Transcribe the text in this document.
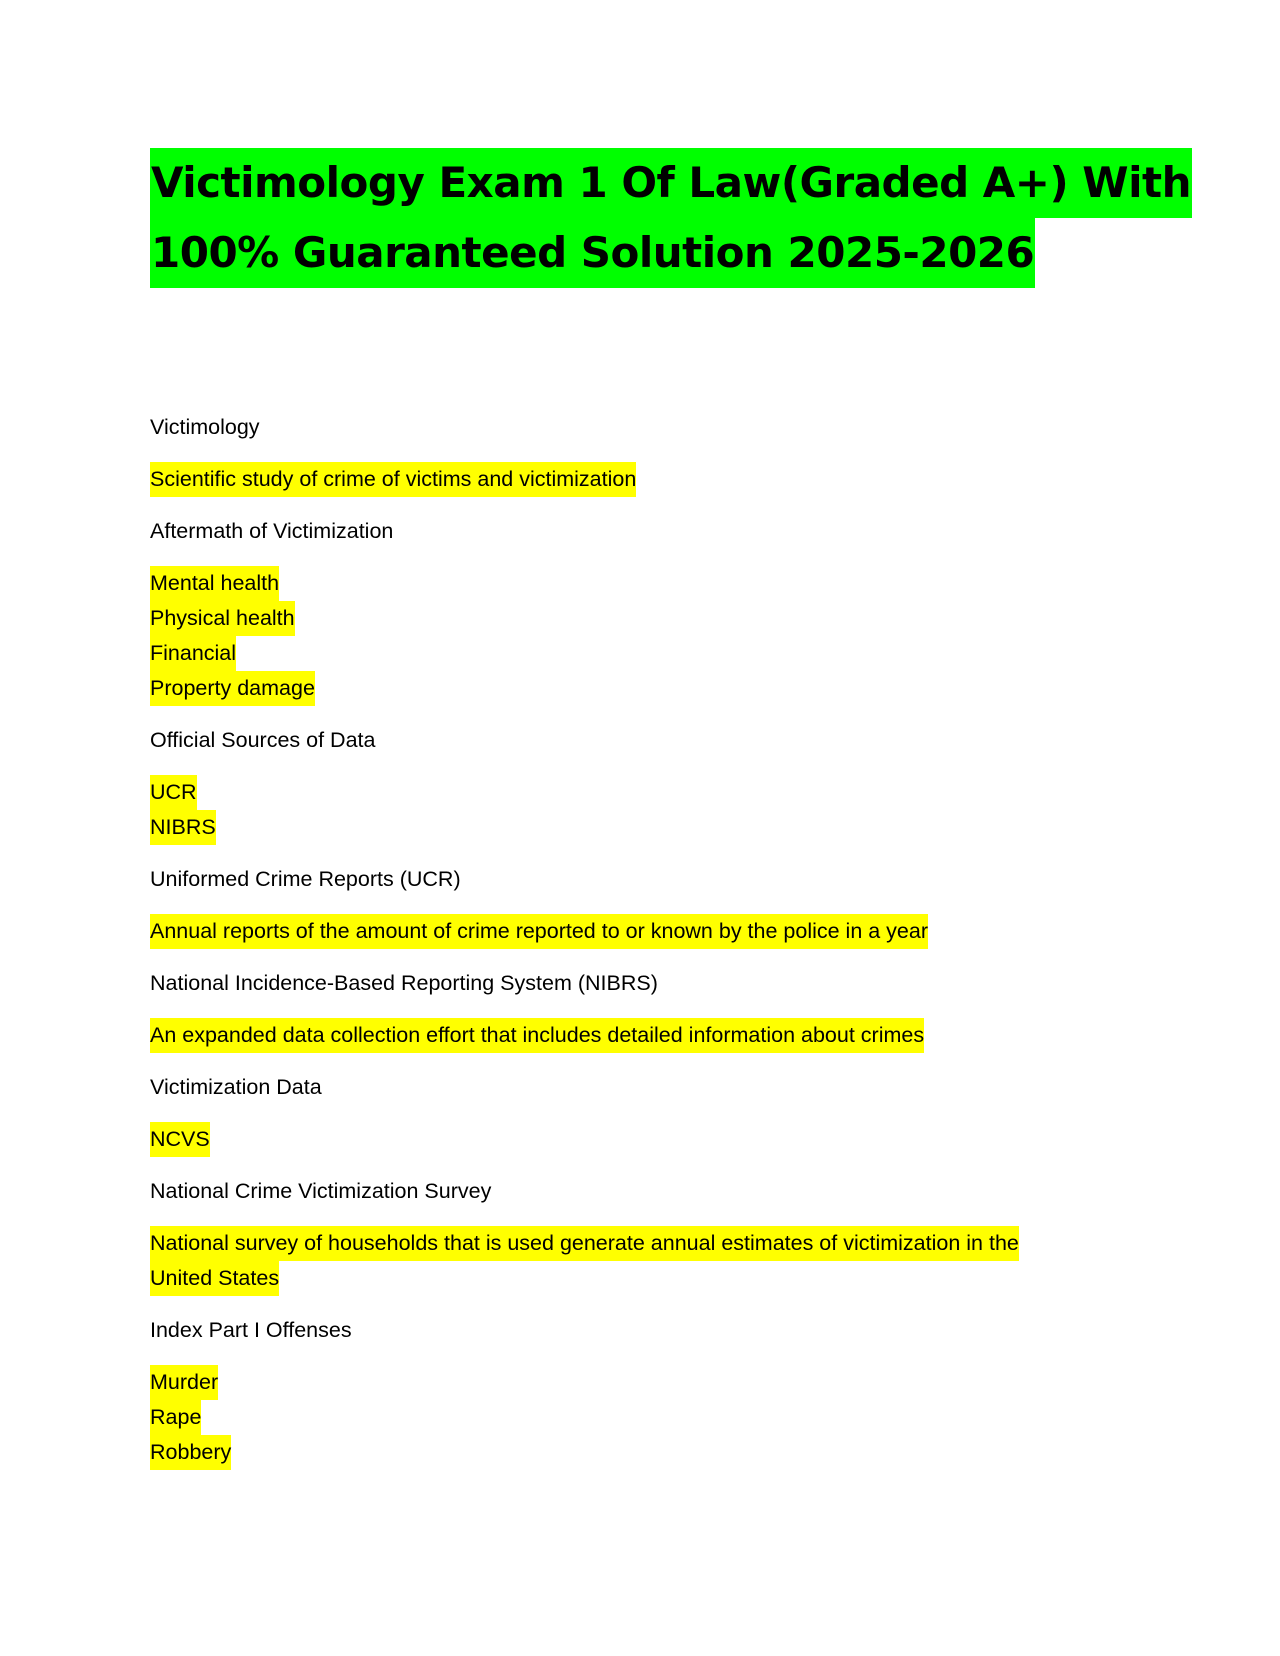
Victimology Exam 1 Of Law(Graded A+) With
100% Guaranteed Solution 2025-2026

Victimology

Scientific study of crime of victims and victimization

Aftermath of Victimization

Mental health
Physical health
Financial
Property damage

Official Sources of Data

UCR
NIBRS

Uniformed Crime Reports (UCR)

Annual reports of the amount of crime reported to or known by the police in a year

National Incidence-Based Reporting System (NIBRS)

An expanded data collection effort that includes detailed information about crimes

Victimization Data

NCVS

National Crime Victimization Survey

National survey of households that is used generate annual estimates of victimization in the
United States

Index Part I Offenses

Murder
Rape
Robbery
